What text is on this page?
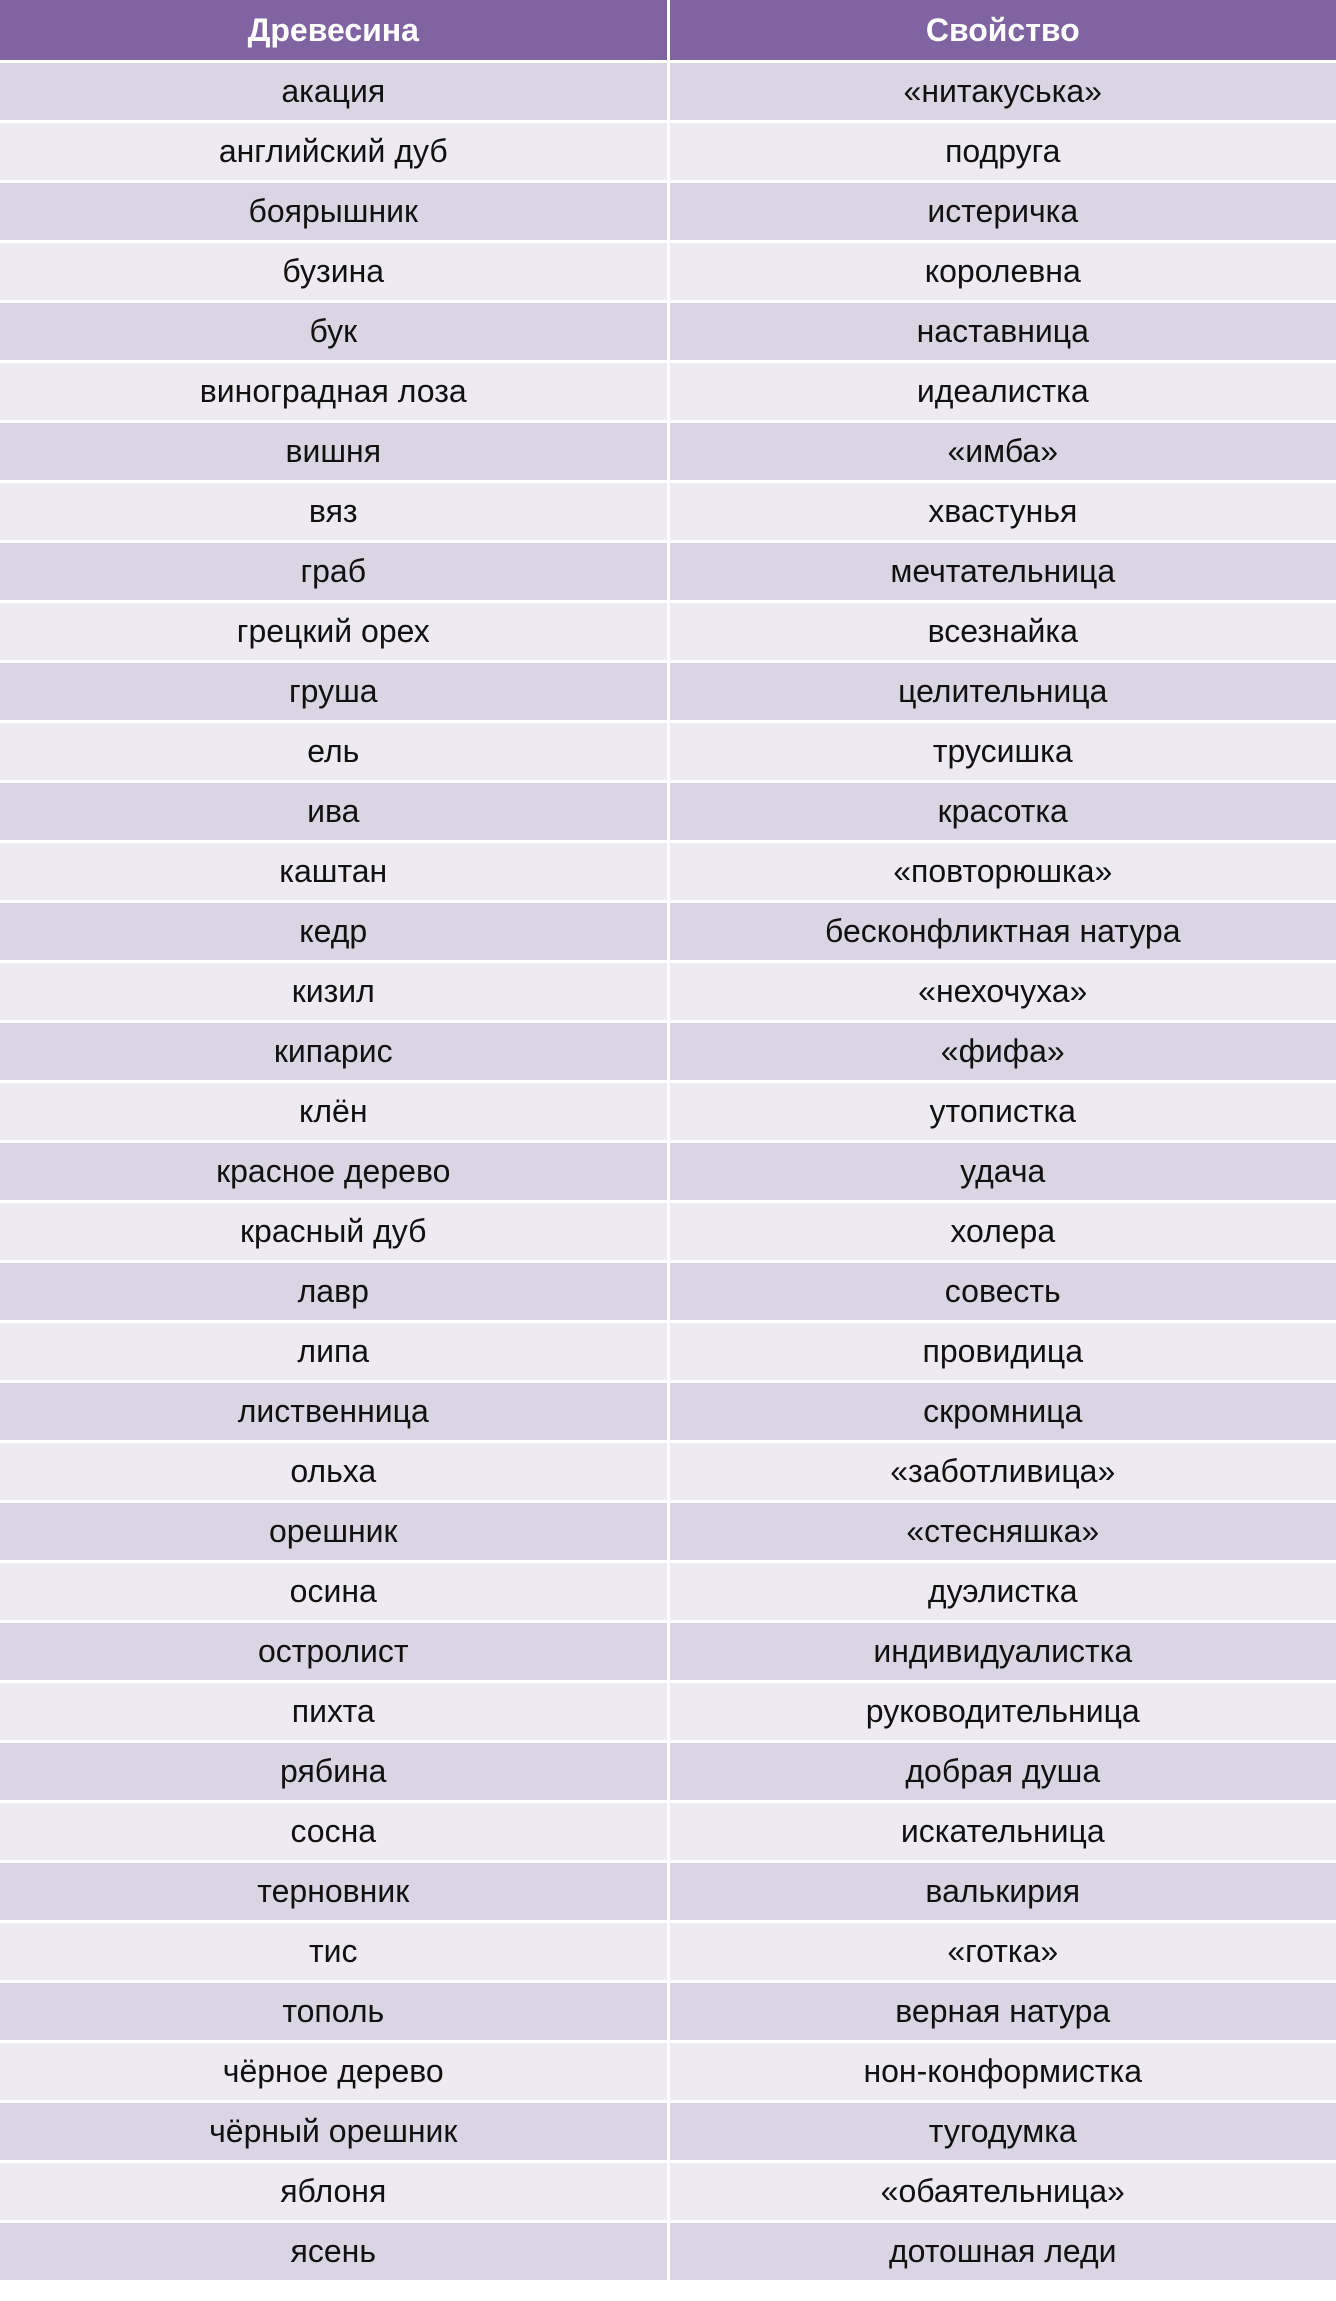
Древесина	Свойство
акация	«нитакуська»
английский дуб	подруга
боярышник	истеричка
бузина	королевна
бук	наставница
виноградная лоза	идеалистка
вишня	«имба»
вяз	хвастунья
граб	мечтательница
грецкий орех	всезнайка
груша	целительница
ель	трусишка
ива	красотка
каштан	«повторюшка»
кедр	бесконфликтная натура
кизил	«нехочуха»
кипарис	«фифа»
клён	утопистка
красное дерево	удача
красный дуб	холера
лавр	совесть
липа	провидица
лиственница	скромница
ольха	«заботливица»
орешник	«стесняшка»
осина	дуэлистка
остролист	индивидуалистка
пихта	руководительница
рябина	добрая душа
сосна	искательница
терновник	валькирия
тис	«готка»
тополь	верная натура
чёрное дерево	нон-конформистка
чёрный орешник	тугодумка
яблоня	«обаятельница»
ясень	дотошная леди
